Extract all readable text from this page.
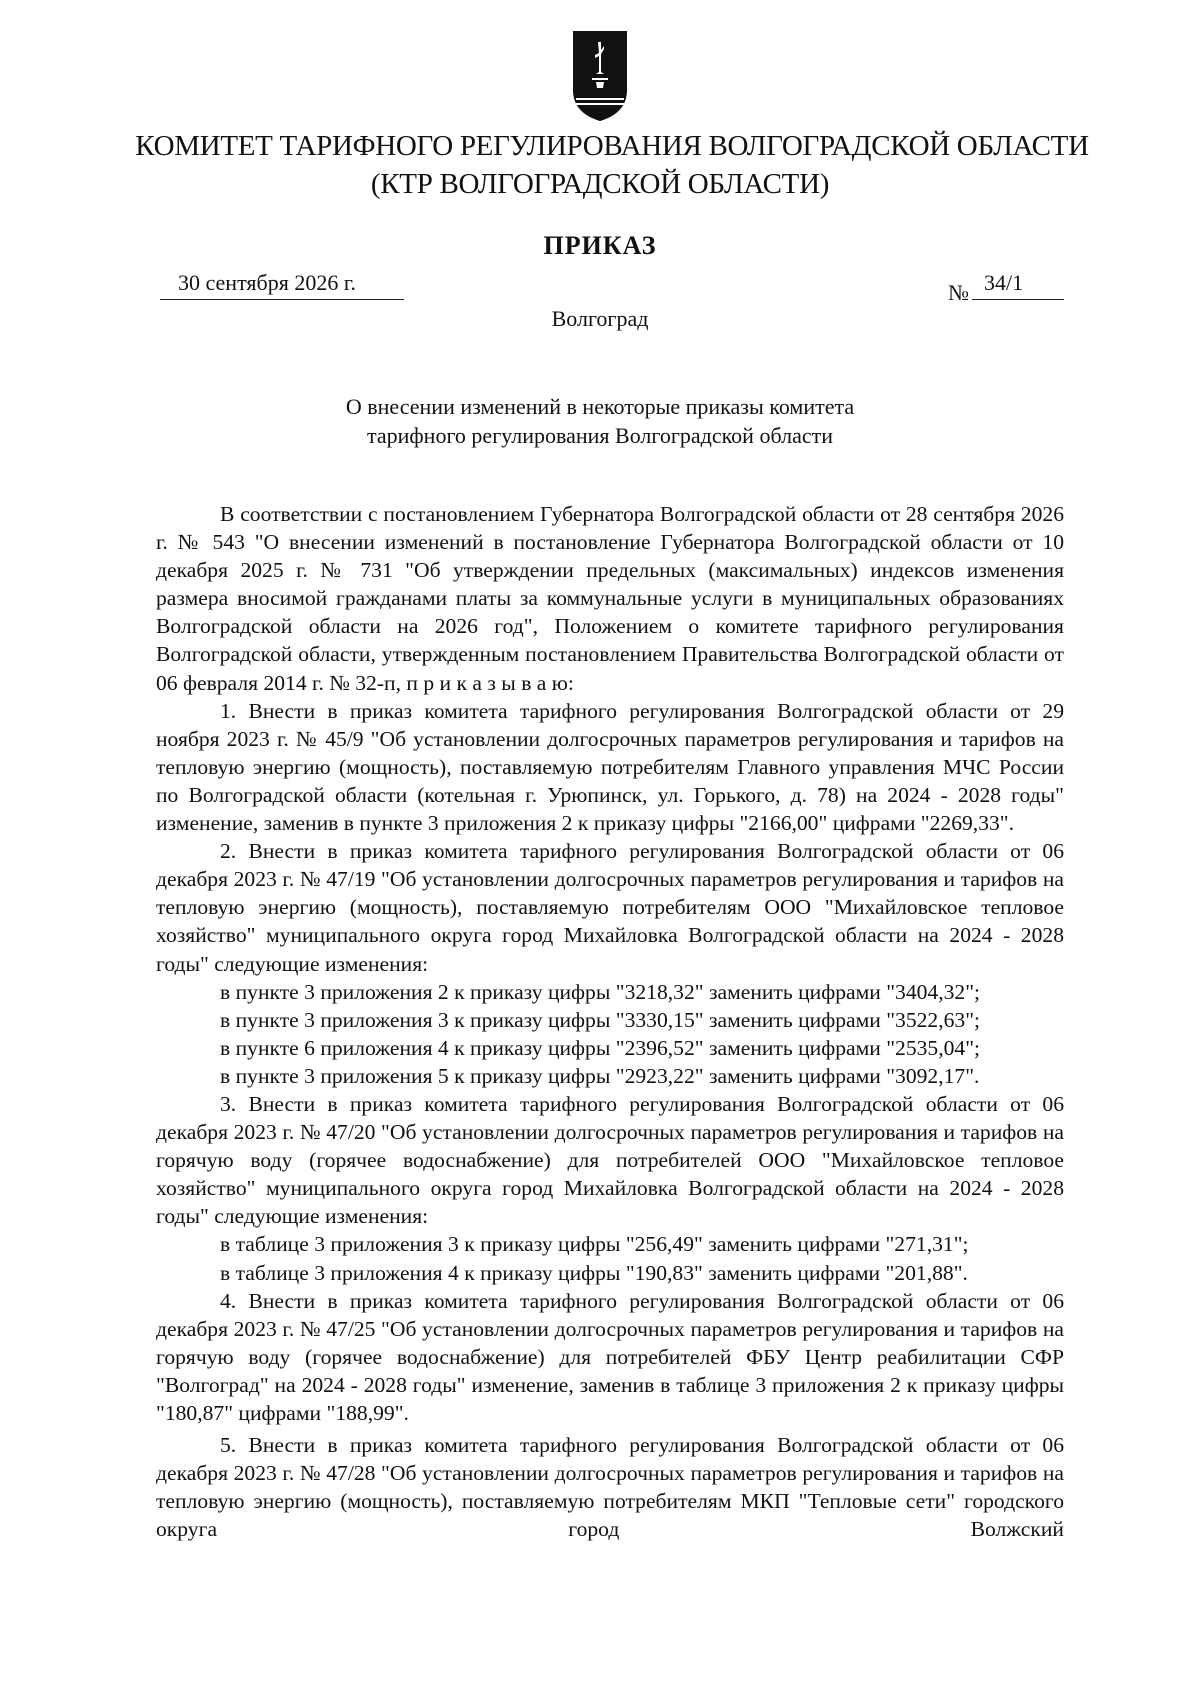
КОМИТЕТ ТАРИФНОГО РЕГУЛИРОВАНИЯ ВОЛГОГРАДСКОЙ ОБЛАСТИ
(КТР ВОЛГОГРАДСКОЙ ОБЛАСТИ)
ПРИКАЗ
30 сентября 2026 г.	№ 34/1
Волгоград
О внесении изменений в некоторые приказы комитета
тарифного регулирования Волгоградской области

В соответствии с постановлением Губернатора Волгоградской области от 28 сентября 2026 г. № 543 "О внесении изменений в постановление Губернатора Волгоградской области от 10 декабря 2025 г. № 731 "Об утверждении предельных (максимальных) индексов изменения размера вносимой гражданами платы за коммунальные услуги в муниципальных образованиях Волгоградской области на 2026 год", Положением о комитете тарифного регулирования Волгоградской области, утвержденным постановлением Правительства Волгоградской области от 06 февраля 2014 г. № 32-п, п р и к а з ы в а ю:

1. Внести в приказ комитета тарифного регулирования Волгоградской области от 29 ноября 2023 г. № 45/9 "Об установлении долгосрочных параметров регулирования и тарифов на тепловую энергию (мощность), поставляемую потребителям Главного управления МЧС России по Волгоградской области (котельная г. Урюпинск, ул. Горького, д. 78) на 2024 - 2028 годы" изменение, заменив в пункте 3 приложения 2 к приказу цифры "2166,00" цифрами "2269,33".

2. Внести в приказ комитета тарифного регулирования Волгоградской области от 06 декабря 2023 г. № 47/19 "Об установлении долгосрочных параметров регулирования и тарифов на тепловую энергию (мощность), поставляемую потребителям ООО "Михайловское тепловое хозяйство" муниципального округа город Михайловка Волгоградской области на 2024 - 2028 годы" следующие изменения:

в пункте 3 приложения 2 к приказу цифры "3218,32" заменить цифрами "3404,32";

в пункте 3 приложения 3 к приказу цифры "3330,15" заменить цифрами "3522,63";

в пункте 6 приложения 4 к приказу цифры "2396,52" заменить цифрами "2535,04";

в пункте 3 приложения 5 к приказу цифры "2923,22" заменить цифрами "3092,17".

3. Внести в приказ комитета тарифного регулирования Волгоградской области от 06 декабря 2023 г. № 47/20 "Об установлении долгосрочных параметров регулирования и тарифов на горячую воду (горячее водоснабжение) для потребителей ООО "Михайловское тепловое хозяйство" муниципального округа город Михайловка Волгоградской области на 2024 - 2028 годы" следующие изменения:

в таблице 3 приложения 3 к приказу цифры "256,49" заменить цифрами "271,31";

в таблице 3 приложения 4 к приказу цифры "190,83" заменить цифрами "201,88".

4. Внести в приказ комитета тарифного регулирования Волгоградской области от 06 декабря 2023 г. № 47/25 "Об установлении долгосрочных параметров регулирования и тарифов на горячую воду (горячее водоснабжение) для потребителей ФБУ Центр реабилитации СФР "Волгоград" на 2024 - 2028 годы" изменение, заменив в таблице 3 приложения 2 к приказу цифры "180,87" цифрами "188,99".

5. Внести в приказ комитета тарифного регулирования Волгоградской области от 06 декабря 2023 г. № 47/28 "Об установлении долгосрочных параметров регулирования и тарифов на тепловую энергию (мощность), поставляемую потребителям МКП "Тепловые сети" городского округа город Волжский
